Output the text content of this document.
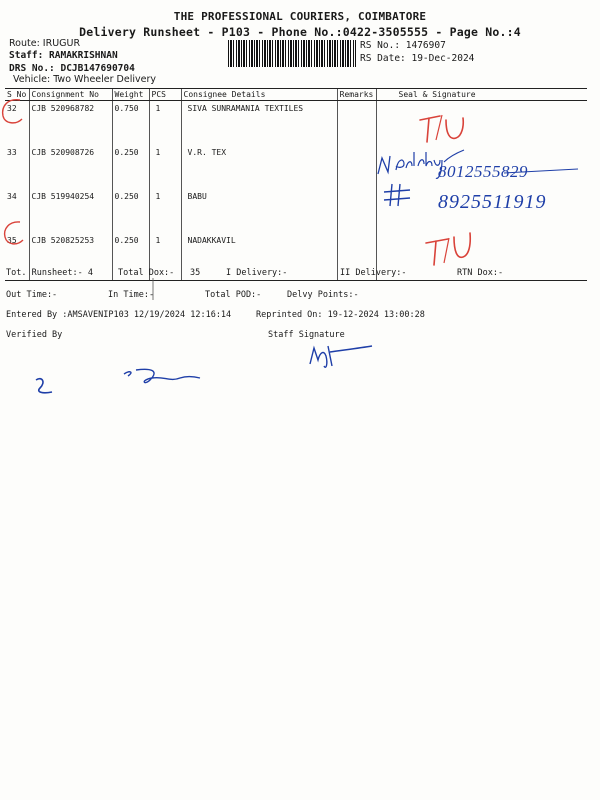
THE PROFESSIONAL COURIERS, COIMBATORE
Delivery Runsheet - P103 - Phone No.:0422-3505555 - Page No.:4
Route: IRUGUR
Staff: RAMAKRISHNAN
DRS No.: DCJB147690704
Vehicle: Two Wheeler Delivery
RS No.: 1476907
RS Date: 19-Dec-2024
S No	Consignment No	Weight	PCS	Consignee Details	Remarks	Seal & Signature
32	CJB 520968782	0.750	1	SIVA SUNRAMANIA TEXTILES		
33	CJB 520908726	0.250	1	V.R. TEX		
34	CJB 519940254	0.250	1	BABU		
35	CJB 520825253	0.250	1	NADAKKAVIL		
Tot. Runsheet:- 4	Total Dox:- 35	I Delivery:-	II Delivery:-	RTN Dox:-
Out Time:-	In Time:-	Total POD:-	Delvy Points:-
Entered By :AMSAVENIP103 12/19/2024 12:16:14	Reprinted On: 19-12-2024 13:00:28
Verified By	Staff Signature
T/U
T/U
8012555829
8925511919
